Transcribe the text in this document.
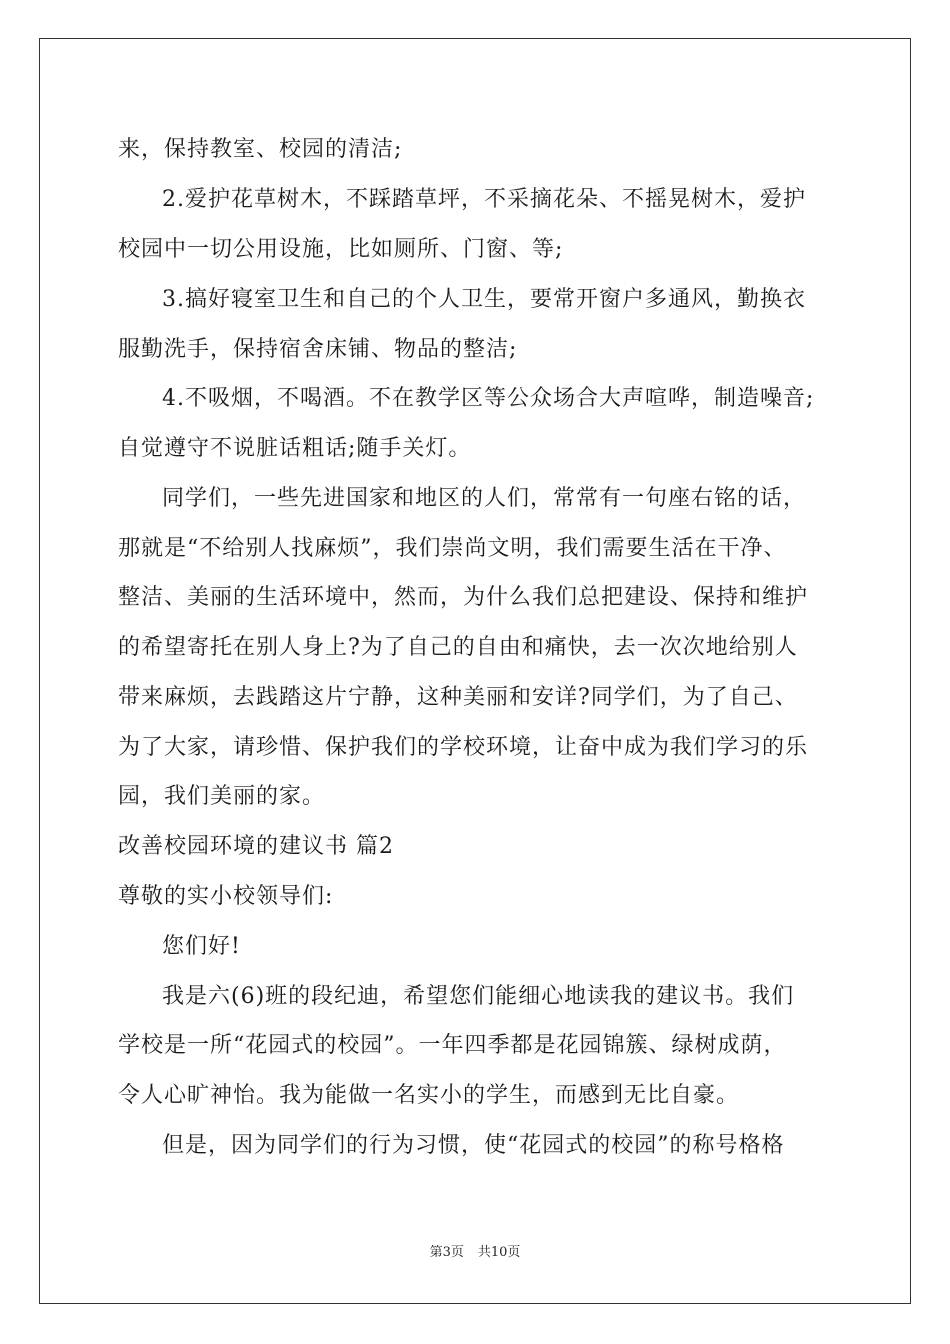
来，保持教室、校园的清洁;
2.爱护花草树木，不踩踏草坪，不采摘花朵、不摇晃树木，爱护
校园中一切公用设施，比如厕所、门窗、等;
3.搞好寝室卫生和自己的个人卫生，要常开窗户多通风，勤换衣
服勤洗手，保持宿舍床铺、物品的整洁;
4.不吸烟，不喝酒。不在教学区等公众场合大声喧哗，制造噪音;
自觉遵守不说脏话粗话;随手关灯。
同学们，一些先进国家和地区的人们，常常有一句座右铭的话，
那就是“不给别人找麻烦”，我们崇尚文明，我们需要生活在干净、
整洁、美丽的生活环境中，然而，为什么我们总把建设、保持和维护
的希望寄托在别人身上?为了自己的自由和痛快，去一次次地给别人
带来麻烦，去践踏这片宁静，这种美丽和安详?同学们，为了自己、
为了大家，请珍惜、保护我们的学校环境，让奋中成为我们学习的乐
园，我们美丽的家。
改善校园环境的建议书 篇2
尊敬的实小校领导们:
您们好!
我是六(6)班的段纪迪，希望您们能细心地读我的建议书。我们
学校是一所“花园式的校园”。一年四季都是花园锦簇、绿树成荫，
令人心旷神怡。我为能做一名实小的学生，而感到无比自豪。
但是，因为同学们的行为习惯，使“花园式的校园”的称号格格
第3页 共10页
